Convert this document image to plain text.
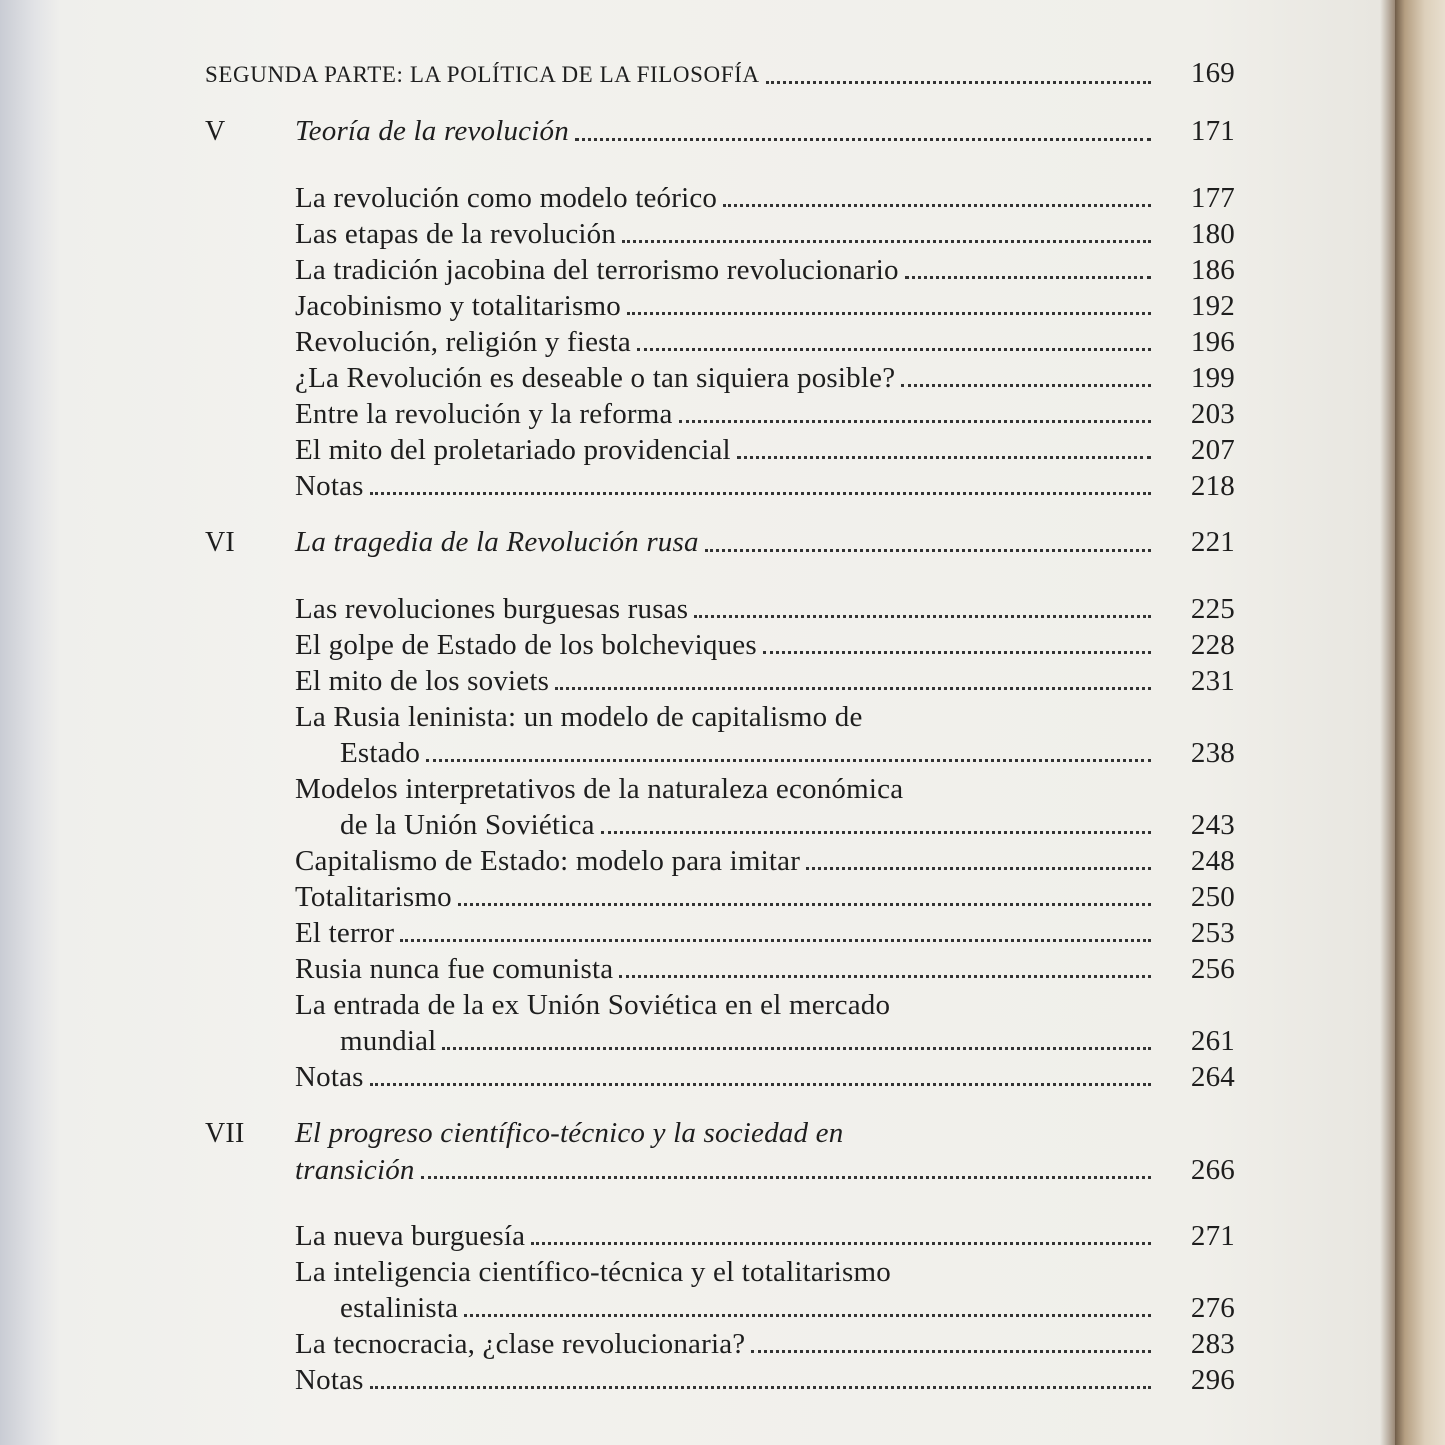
SEGUNDA PARTE: LA POLÍTICA DE LA FILOSOFÍA	169
V	Teoría de la revolución	171
La revolución como modelo teórico	177
Las etapas de la revolución	180
La tradición jacobina del terrorismo revolucionario	186
Jacobinismo y totalitarismo	192
Revolución, religión y fiesta	196
¿La Revolución es deseable o tan siquiera posible?	199
Entre la revolución y la reforma	203
El mito del proletariado providencial	207
Notas	218
VI	La tragedia de la Revolución rusa	221
Las revoluciones burguesas rusas	225
El golpe de Estado de los bolcheviques	228
El mito de los soviets	231
La Rusia leninista: un modelo de capitalismo de
Estado	238
Modelos interpretativos de la naturaleza económica
de la Unión Soviética	243
Capitalismo de Estado: modelo para imitar	248
Totalitarismo	250
El terror	253
Rusia nunca fue comunista	256
La entrada de la ex Unión Soviética en el mercado
mundial	261
Notas	264
VII	El progreso científico-técnico y la sociedad en
transición	266
La nueva burguesía	271
La inteligencia científico-técnica y el totalitarismo
estalinista	276
La tecnocracia, ¿clase revolucionaria?	283
Notas	296
